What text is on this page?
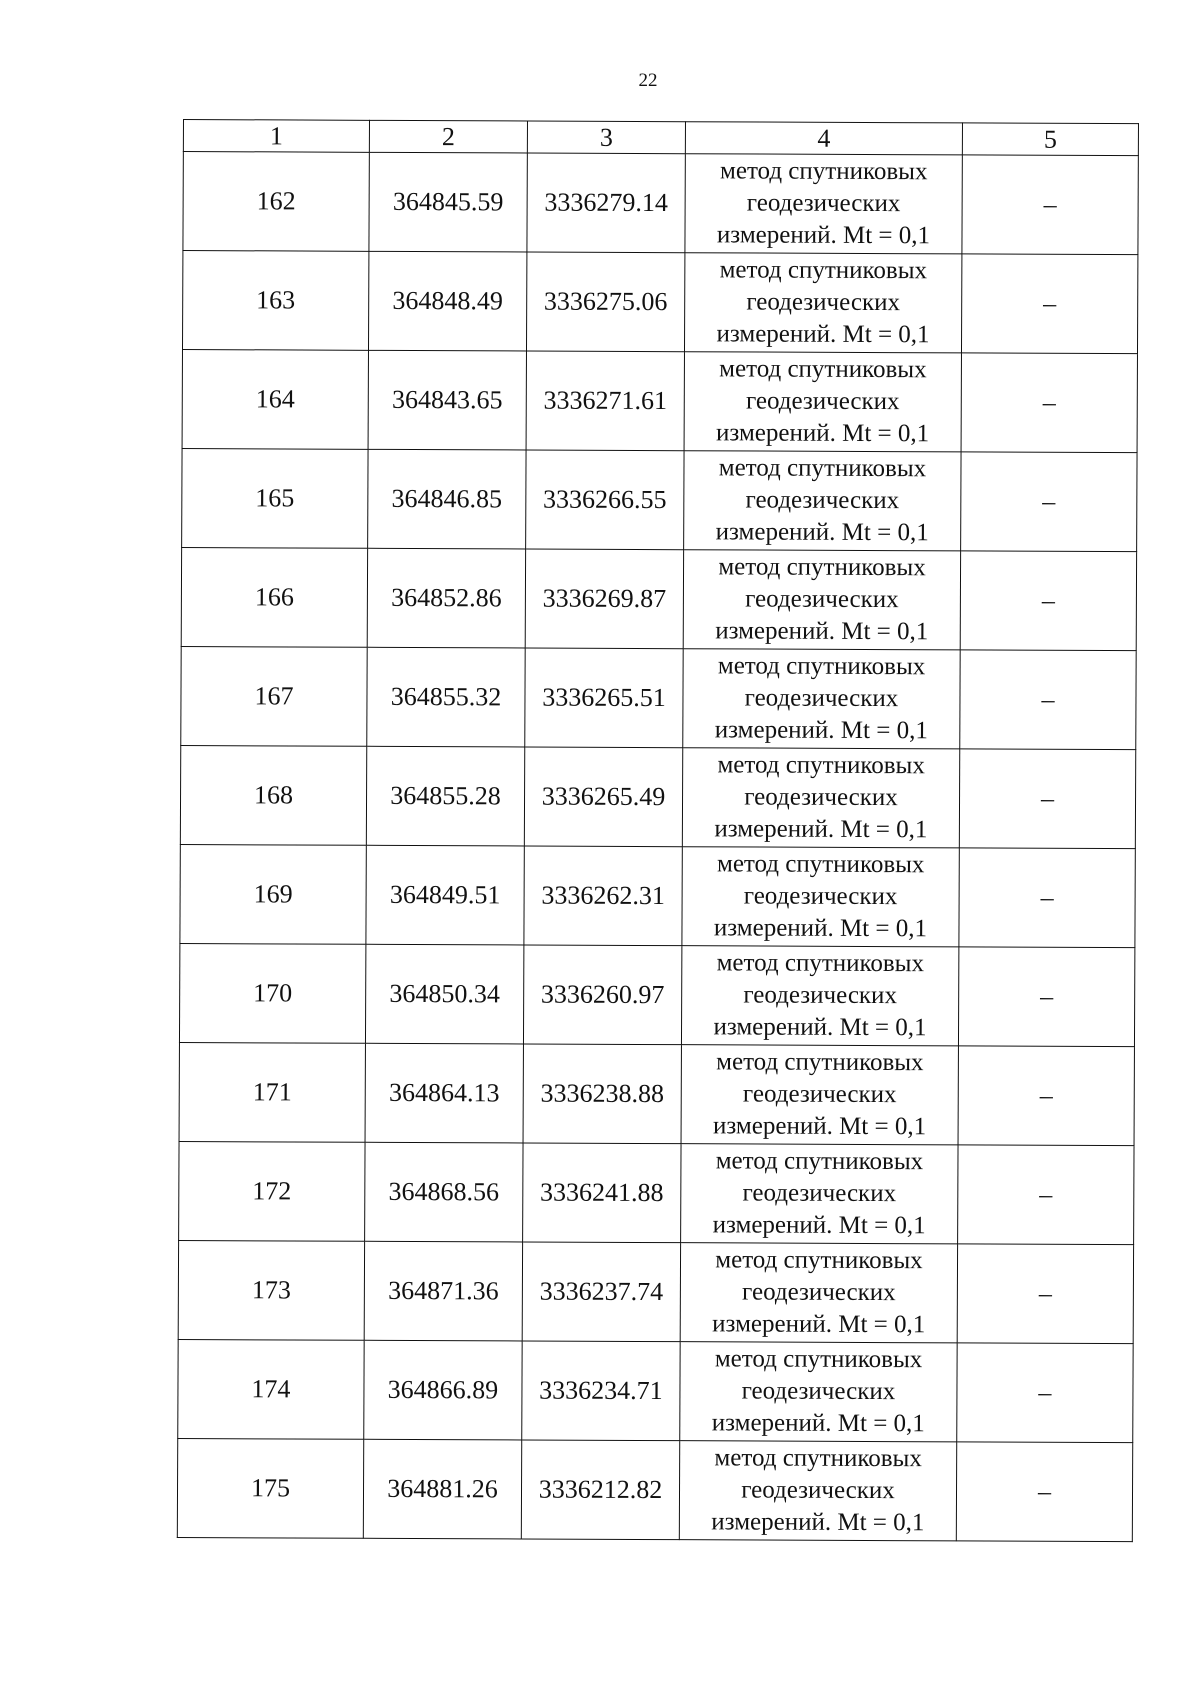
22
1	2	3	4	5
162	364845.59	3336279.14	метод спутниковых
геодезических
измерений. Mt = 0,1	–
163	364848.49	3336275.06	метод спутниковых
геодезических
измерений. Mt = 0,1	–
164	364843.65	3336271.61	метод спутниковых
геодезических
измерений. Mt = 0,1	–
165	364846.85	3336266.55	метод спутниковых
геодезических
измерений. Mt = 0,1	–
166	364852.86	3336269.87	метод спутниковых
геодезических
измерений. Mt = 0,1	–
167	364855.32	3336265.51	метод спутниковых
геодезических
измерений. Mt = 0,1	–
168	364855.28	3336265.49	метод спутниковых
геодезических
измерений. Mt = 0,1	–
169	364849.51	3336262.31	метод спутниковых
геодезических
измерений. Mt = 0,1	–
170	364850.34	3336260.97	метод спутниковых
геодезических
измерений. Mt = 0,1	–
171	364864.13	3336238.88	метод спутниковых
геодезических
измерений. Mt = 0,1	–
172	364868.56	3336241.88	метод спутниковых
геодезических
измерений. Mt = 0,1	–
173	364871.36	3336237.74	метод спутниковых
геодезических
измерений. Mt = 0,1	–
174	364866.89	3336234.71	метод спутниковых
геодезических
измерений. Mt = 0,1	–
175	364881.26	3336212.82	метод спутниковых
геодезических
измерений. Mt = 0,1	–
